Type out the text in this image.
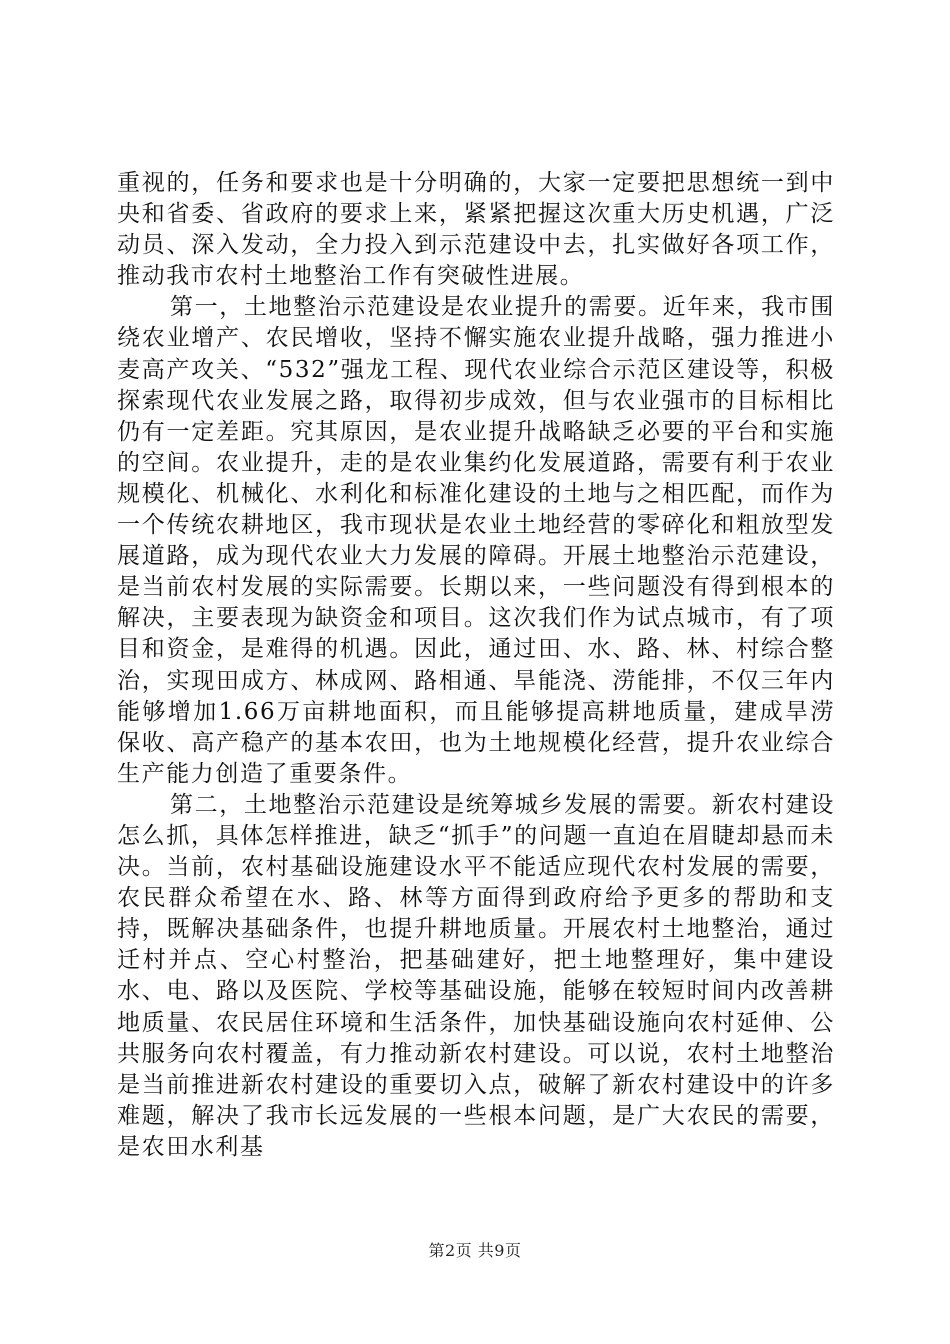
重视的，任务和要求也是十分明确的，大家一定要把思想统一到中央和省委、省政府的要求上来，紧紧把握这次重大历史机遇，广泛动员、深入发动，全力投入到示范建设中去，扎实做好各项工作，推动我市农村土地整治工作有突破性进展。

第一，土地整治示范建设是农业提升的需要。近年来，我市围绕农业增产、农民增收，坚持不懈实施农业提升战略，强力推进小麦高产攻关、“532”强龙工程、现代农业综合示范区建设等，积极探索现代农业发展之路，取得初步成效，但与农业强市的目标相比仍有一定差距。究其原因，是农业提升战略缺乏必要的平台和实施的空间。农业提升，走的是农业集约化发展道路，需要有利于农业规模化、机械化、水利化和标准化建设的土地与之相匹配，而作为一个传统农耕地区，我市现状是农业土地经营的零碎化和粗放型发展道路，成为现代农业大力发展的障碍。开展土地整治示范建设，是当前农村发展的实际需要。长期以来，一些问题没有得到根本的解决，主要表现为缺资金和项目。这次我们作为试点城市，有了项目和资金，是难得的机遇。因此，通过田、水、路、林、村综合整治，实现田成方、林成网、路相通、旱能浇、涝能排，不仅三年内能够增加1.66万亩耕地面积，而且能够提高耕地质量，建成旱涝保收、高产稳产的基本农田，也为土地规模化经营，提升农业综合生产能力创造了重要条件。

第二，土地整治示范建设是统筹城乡发展的需要。新农村建设怎么抓，具体怎样推进，缺乏“抓手”的问题一直迫在眉睫却悬而未决。当前，农村基础设施建设水平不能适应现代农村发展的需要，农民群众希望在水、路、林等方面得到政府给予更多的帮助和支持，既解决基础条件，也提升耕地质量。开展农村土地整治，通过迁村并点、空心村整治，把基础建好，把土地整理好，集中建设水、电、路以及医院、学校等基础设施，能够在较短时间内改善耕地质量、农民居住环境和生活条件，加快基础设施向农村延伸、公共服务向农村覆盖，有力推动新农村建设。可以说，农村土地整治是当前推进新农村建设的重要切入点，破解了新农村建设中的许多难题，解决了我市长远发展的一些根本问题，是广大农民的需要，是农田水利基

第2页 共9页
